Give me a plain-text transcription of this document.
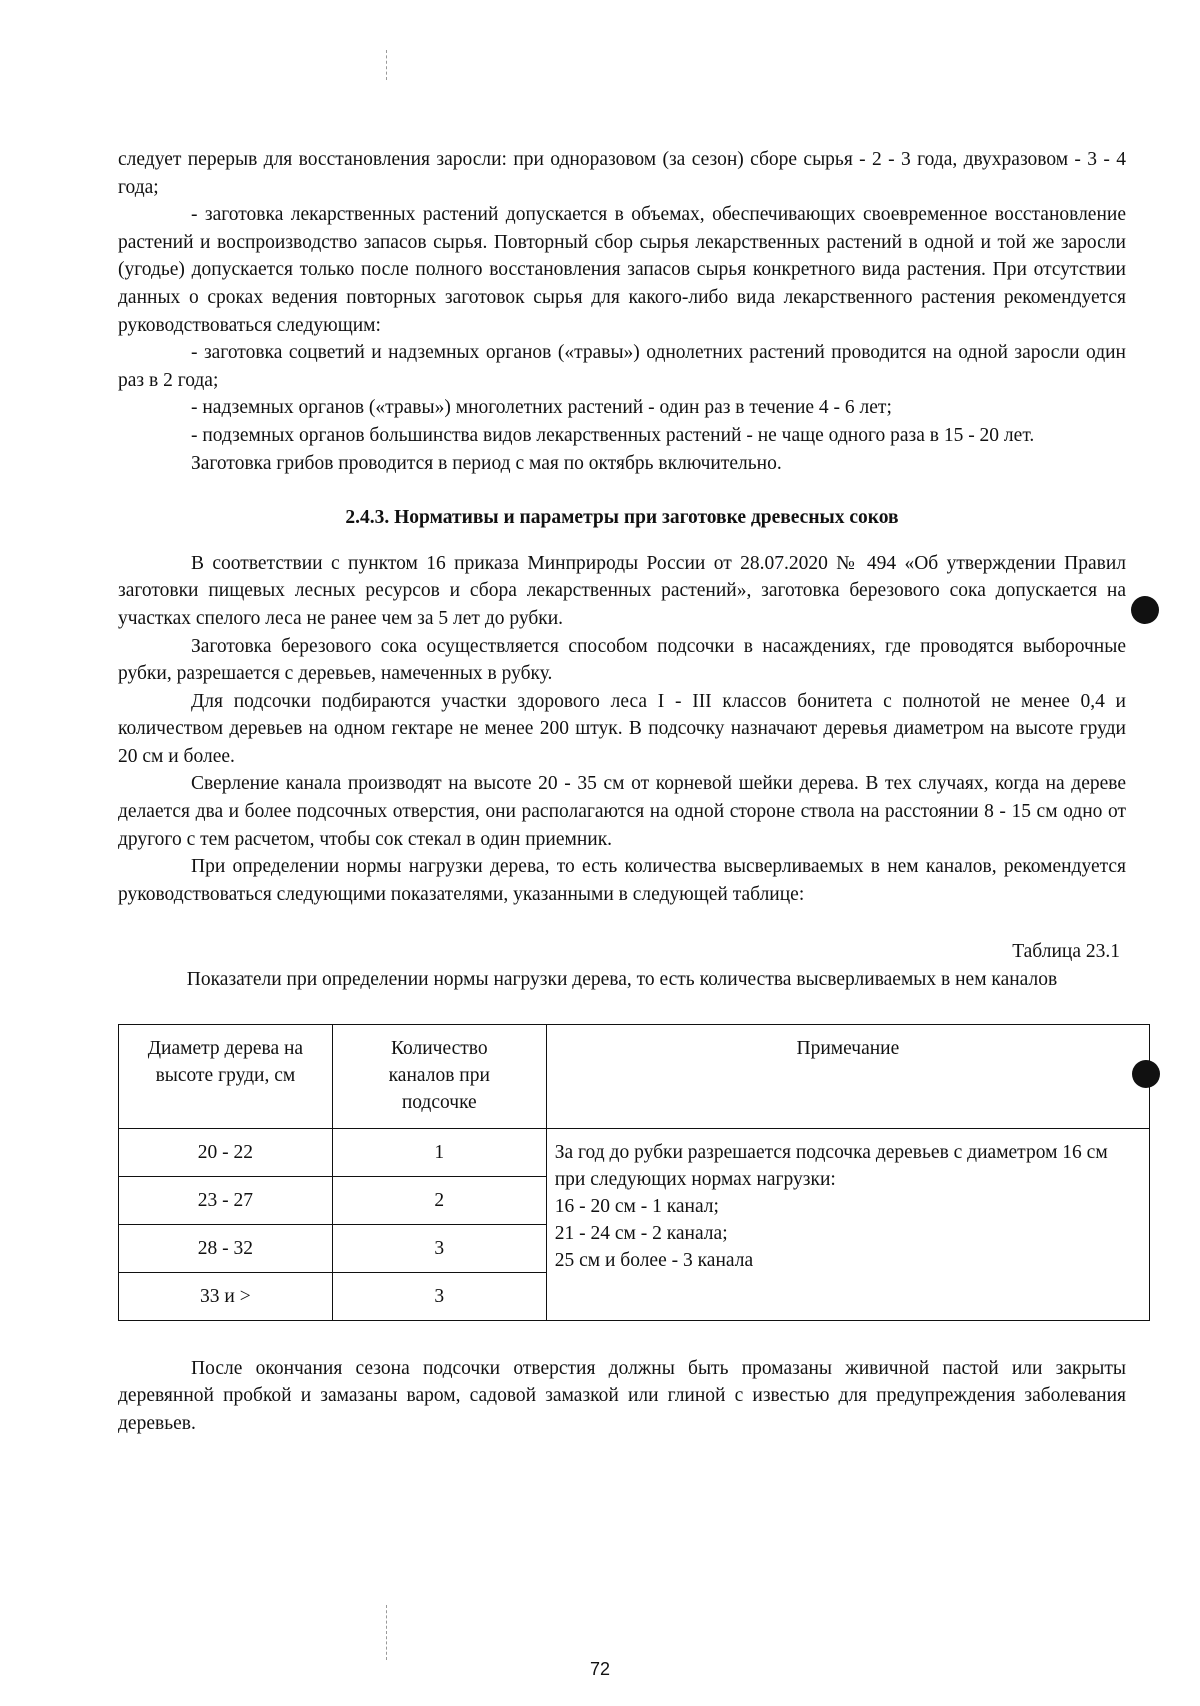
следует перерыв для восстановления заросли: при одноразовом (за сезон) сборе сырья - 2 - 3 года, двухразовом - 3 - 4 года;

- заготовка лекарственных растений допускается в объемах, обеспечивающих своевременное восстановление растений и воспроизводство запасов сырья. Повторный сбор сырья лекарственных растений в одной и той же заросли (угодье) допускается только после полного восстановления запасов сырья конкретного вида растения. При отсутствии данных о сроках ведения повторных заготовок сырья для какого-либо вида лекарственного растения рекомендуется руководствоваться следующим:

- заготовка соцветий и надземных органов («травы») однолетних растений проводится на одной заросли один раз в 2 года;

- надземных органов («травы») многолетних растений - один раз в течение 4 - 6 лет;

- подземных органов большинства видов лекарственных растений - не чаще одного раза в 15 - 20 лет.

Заготовка грибов проводится в период с мая по октябрь включительно.

2.4.3. Нормативы и параметры при заготовке древесных соков

В соответствии с пунктом 16 приказа Минприроды России от 28.07.2020 № 494 «Об утверждении Правил заготовки пищевых лесных ресурсов и сбора лекарственных растений», заготовка березового сока допускается на участках спелого леса не ранее чем за 5 лет до рубки.

Заготовка березового сока осуществляется способом подсочки в насаждениях, где проводятся выборочные рубки, разрешается с деревьев, намеченных в рубку.

Для подсочки подбираются участки здорового леса I - III классов бонитета с полнотой не менее 0,4 и количеством деревьев на одном гектаре не менее 200 штук. В подсочку назначают деревья диаметром на высоте груди 20 см и более.

Сверление канала производят на высоте 20 - 35 см от корневой шейки дерева. В тех случаях, когда на дереве делается два и более подсочных отверстия, они располагаются на одной стороне ствола на расстоянии 8 - 15 см одно от другого с тем расчетом, чтобы сок стекал в один приемник.

При определении нормы нагрузки дерева, то есть количества высверливаемых в нем каналов, рекомендуется руководствоваться следующими показателями, указанными в следующей таблице:

Таблица 23.1

Показатели при определении нормы нагрузки дерева, то есть количества высверливаемых в нем каналов

Диаметр дерева на высоте груди, см	Количество каналов при подсочке	Примечание
20 - 22	1	За год до рубки разрешается подсочка деревьев с диаметром 16 см при следующих нормах нагрузки:
16 - 20 см - 1 канал;
21 - 24 см - 2 канала;
25 см и более - 3 канала

23 - 27	2	
28 - 32	3	
33 и >	3	

После окончания сезона подсочки отверстия должны быть промазаны живичной пастой или закрыты деревянной пробкой и замазаны варом, садовой замазкой или глиной с известью для предупреждения заболевания деревьев.

72
